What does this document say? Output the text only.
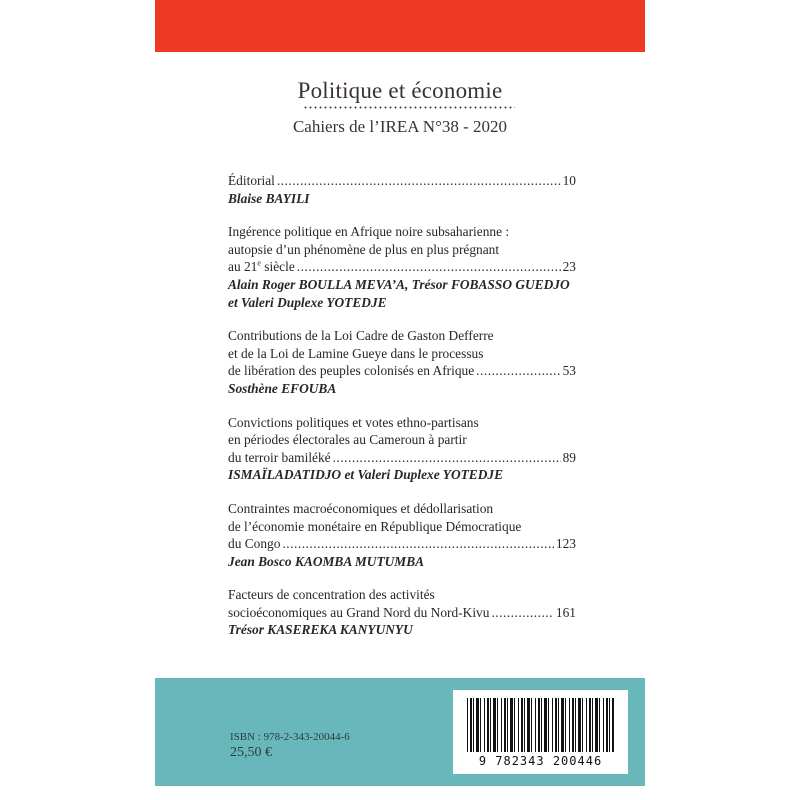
Politique et économie
Cahiers de l’IREA N°38 - 2020
Éditorial .....	10
Blaise BAYILI
Ingérence politique en Afrique noire subsaharienne :
autopsie d’un phénomène de plus en plus prégnant
au 21e siècle .....	23
Alain Roger BOULLA MEVA’A, Trésor FOBASSO GUEDJO
et Valeri Duplexe YOTEDJE
Contributions de la Loi Cadre de Gaston Defferre
et de la Loi de Lamine Gueye dans le processus
de libération des peuples colonisés en Afrique .....	53
Sosthène EFOUBA
Convictions politiques et votes ethno-partisans
en périodes électorales au Cameroun à partir
du terroir bamiléké .....	89
ISMAÏLADATIDJO et Valeri Duplexe YOTEDJE
Contraintes macroéconomiques et dédollarisation
de l’économie monétaire en République Démocratique
du Congo .....	123
Jean Bosco KAOMBA MUTUMBA
Facteurs de concentration des activités
socioéconomiques au Grand Nord du Nord-Kivu .....	161
Trésor KASEREKA KANYUNYU
ISBN : 978-2-343-20044-6
25,50 €
9 782343 200446
